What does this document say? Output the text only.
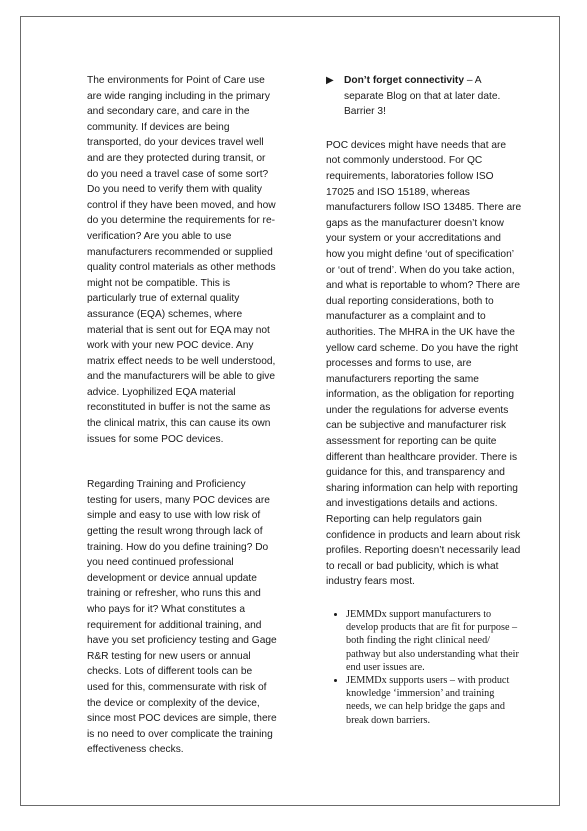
The environments for Point of Care use are wide ranging including in the primary and secondary care, and care in the community. If devices are being transported, do your devices travel well and are they protected during transit, or do you need a travel case of some sort? Do you need to verify them with quality control if they have been moved, and how do you determine the requirements for re-verification? Are you able to use manufacturers recommended or supplied quality control materials as other methods might not be compatible. This is particularly true of external quality assurance (EQA) schemes, where material that is sent out for EQA may not work with your new POC device. Any matrix effect needs to be well understood, and the manufacturers will be able to give advice. Lyophilized EQA material reconstituted in buffer is not the same as the clinical matrix, this can cause its own issues for some POC devices.

Regarding Training and Proficiency testing for users, many POC devices are simple and easy to use with low risk of getting the result wrong through lack of training. How do you define training? Do you need continued professional development or device annual update training or refresher, who runs this and who pays for it? What constitutes a requirement for additional training, and have you set proficiency testing and Gage R&R testing for new users or annual checks. Lots of different tools can be used for this, commensurate with risk of the device or complexity of the device, since most POC devices are simple, there is no need to over complicate the training effectiveness checks.

▶	Don’t forget connectivity – A separate Blog on that at later date. Barrier 3!

POC devices might have needs that are not commonly understood. For QC requirements, laboratories follow ISO 17025 and ISO 15189, whereas manufacturers follow ISO 13485. There are gaps as the manufacturer doesn’t know your system or your accreditations and how you might define ‘out of specification’ or ‘out of trend’. When do you take action, and what is reportable to whom? There are dual reporting considerations, both to manufacturer as a complaint and to authorities. The MHRA in the UK have the yellow card scheme. Do you have the right processes and forms to use, are manufacturers reporting the same information, as the obligation for reporting under the regulations for adverse events can be subjective and manufacturer risk assessment for reporting can be quite different than healthcare provider. There is guidance for this, and transparency and sharing information can help with reporting and investigations details and actions. Reporting can help regulators gain confidence in products and learn about risk profiles. Reporting doesn’t necessarily lead to recall or bad publicity, which is what industry fears most.

• JEMMDx support manufacturers to develop products that are fit for purpose – both finding the right clinical need/ pathway but also understanding what their end user issues are.
• JEMMDx supports users – with product knowledge ‘immersion’ and training needs, we can help bridge the gaps and break down barriers.
